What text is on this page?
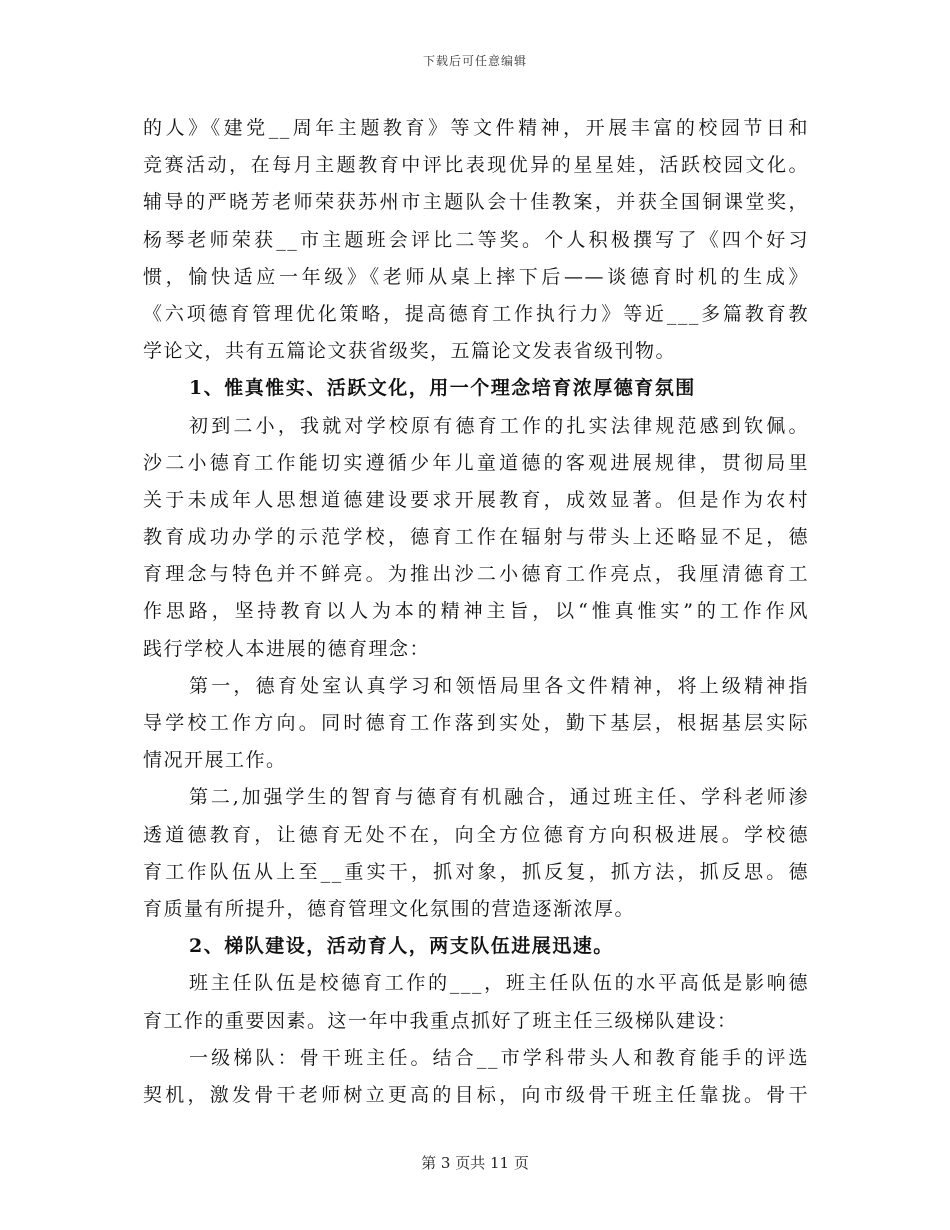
下载后可任意编辑
的人》《建党__周年主题教育》等文件精神，开展丰富的校园节日和
竞赛活动，在每月主题教育中评比表现优异的星星娃，活跃校园文化。
辅导的严晓芳老师荣获苏州市主题队会十佳教案，并获全国铜课堂奖，
杨琴老师荣获__市主题班会评比二等奖。个人积极撰写了《四个好习
惯，愉快适应一年级》《老师从桌上摔下后——谈德育时机的生成》
《六项德育管理优化策略，提高德育工作执行力》等近___多篇教育教
学论文，共有五篇论文获省级奖，五篇论文发表省级刊物。
1、惟真惟实、活跃文化，用一个理念培育浓厚德育氛围
初到二小，我就对学校原有德育工作的扎实法律规范感到钦佩。
沙二小德育工作能切实遵循少年儿童道德的客观进展规律，贯彻局里
关于未成年人思想道德建设要求开展教育，成效显著。但是作为农村
教育成功办学的示范学校，德育工作在辐射与带头上还略显不足，德
育理念与特色并不鲜亮。为推出沙二小德育工作亮点，我厘清德育工
作思路，坚持教育以人为本的精神主旨，以“惟真惟实”的工作作风
践行学校人本进展的德育理念：
第一，德育处室认真学习和领悟局里各文件精神，将上级精神指
导学校工作方向。同时德育工作落到实处，勤下基层，根据基层实际
情况开展工作。
第二,加强学生的智育与德育有机融合，通过班主任、学科老师渗
透道德教育，让德育无处不在，向全方位德育方向积极进展。学校德
育工作队伍从上至__重实干，抓对象，抓反复，抓方法，抓反思。德
育质量有所提升，德育管理文化氛围的营造逐渐浓厚。
2、梯队建设，活动育人，两支队伍进展迅速。
班主任队伍是校德育工作的___，班主任队伍的水平高低是影响德
育工作的重要因素。这一年中我重点抓好了班主任三级梯队建设：
一级梯队：骨干班主任。结合__市学科带头人和教育能手的评选
契机，激发骨干老师树立更高的目标，向市级骨干班主任靠拢。骨干
第 3 页共 11 页
